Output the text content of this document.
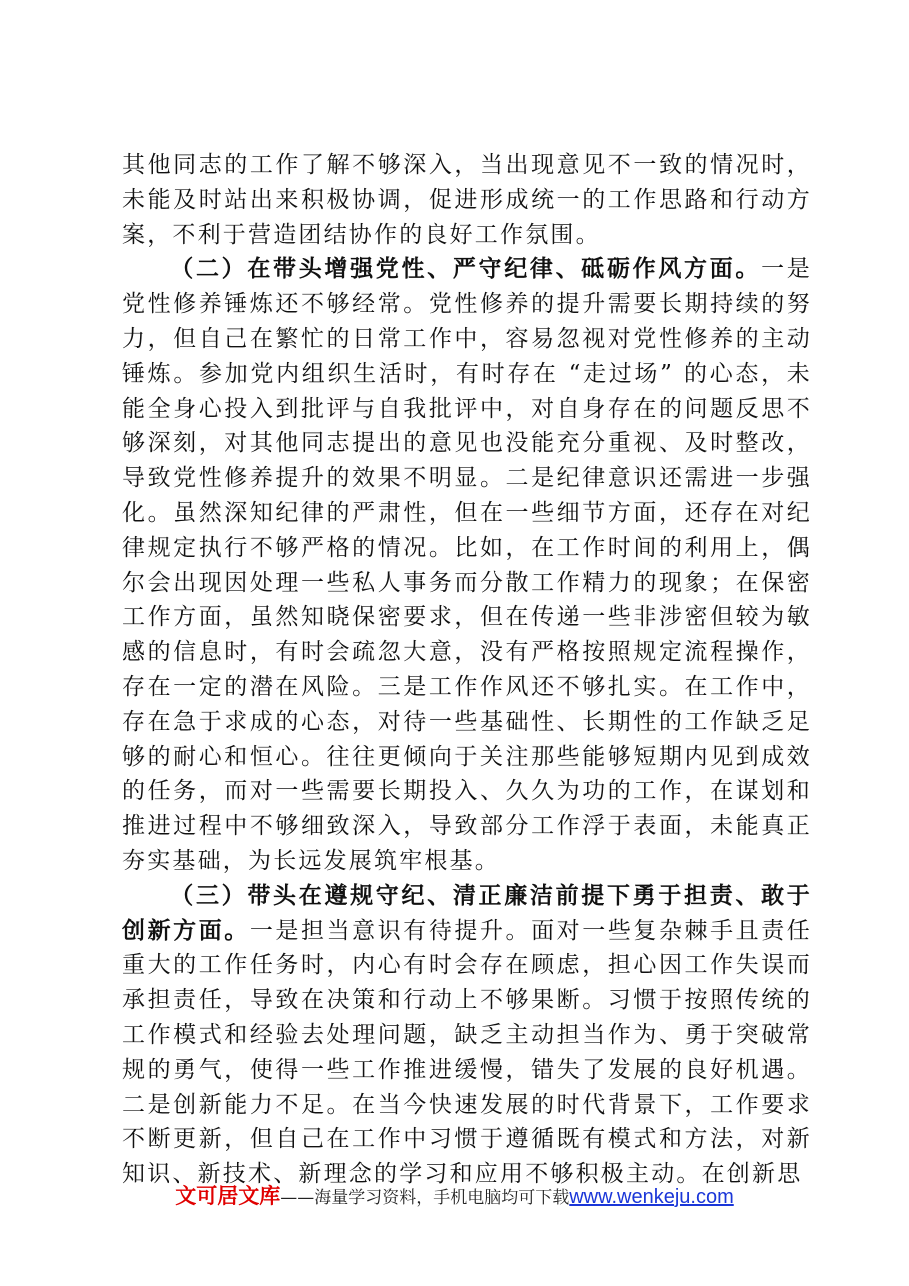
其他同志的工作了解不够深入，当出现意见不一致的情况时，未能及时站出来积极协调，促进形成统一的工作思路和行动方案，不利于营造团结协作的良好工作氛围。

（二）在带头增强党性、严守纪律、砥砺作风方面。一是党性修养锤炼还不够经常。党性修养的提升需要长期持续的努力，但自己在繁忙的日常工作中，容易忽视对党性修养的主动锤炼。参加党内组织生活时，有时存在 “走过场” 的心态，未能全身心投入到批评与自我批评中，对自身存在的问题反思不够深刻，对其他同志提出的意见也没能充分重视、及时整改，导致党性修养提升的效果不明显。二是纪律意识还需进一步强化。虽然深知纪律的严肃性，但在一些细节方面，还存在对纪律规定执行不够严格的情况。比如，在工作时间的利用上，偶尔会出现因处理一些私人事务而分散工作精力的现象；在保密工作方面，虽然知晓保密要求，但在传递一些非涉密但较为敏感的信息时，有时会疏忽大意，没有严格按照规定流程操作，存在一定的潜在风险。三是工作作风还不够扎实。在工作中，存在急于求成的心态，对待一些基础性、长期性的工作缺乏足够的耐心和恒心。往往更倾向于关注那些能够短期内见到成效的任务，而对一些需要长期投入、久久为功的工作，在谋划和推进过程中不够细致深入，导致部分工作浮于表面，未能真正夯实基础，为长远发展筑牢根基。

（三）带头在遵规守纪、清正廉洁前提下勇于担责、敢于创新方面。一是担当意识有待提升。面对一些复杂棘手且责任重大的工作任务时，内心有时会存在顾虑，担心因工作失误而承担责任，导致在决策和行动上不够果断。习惯于按照传统的工作模式和经验去处理问题，缺乏主动担当作为、勇于突破常规的勇气，使得一些工作推进缓慢，错失了发展的良好机遇。二是创新能力不足。在当今快速发展的时代背景下，工作要求不断更新，但自己在工作中习惯于遵循既有模式和方法，对新知识、新技术、新理念的学习和应用不够积极主动。在创新思

文可居文库——海量学习资料，手机电脑均可下载www.wenkeju.com
